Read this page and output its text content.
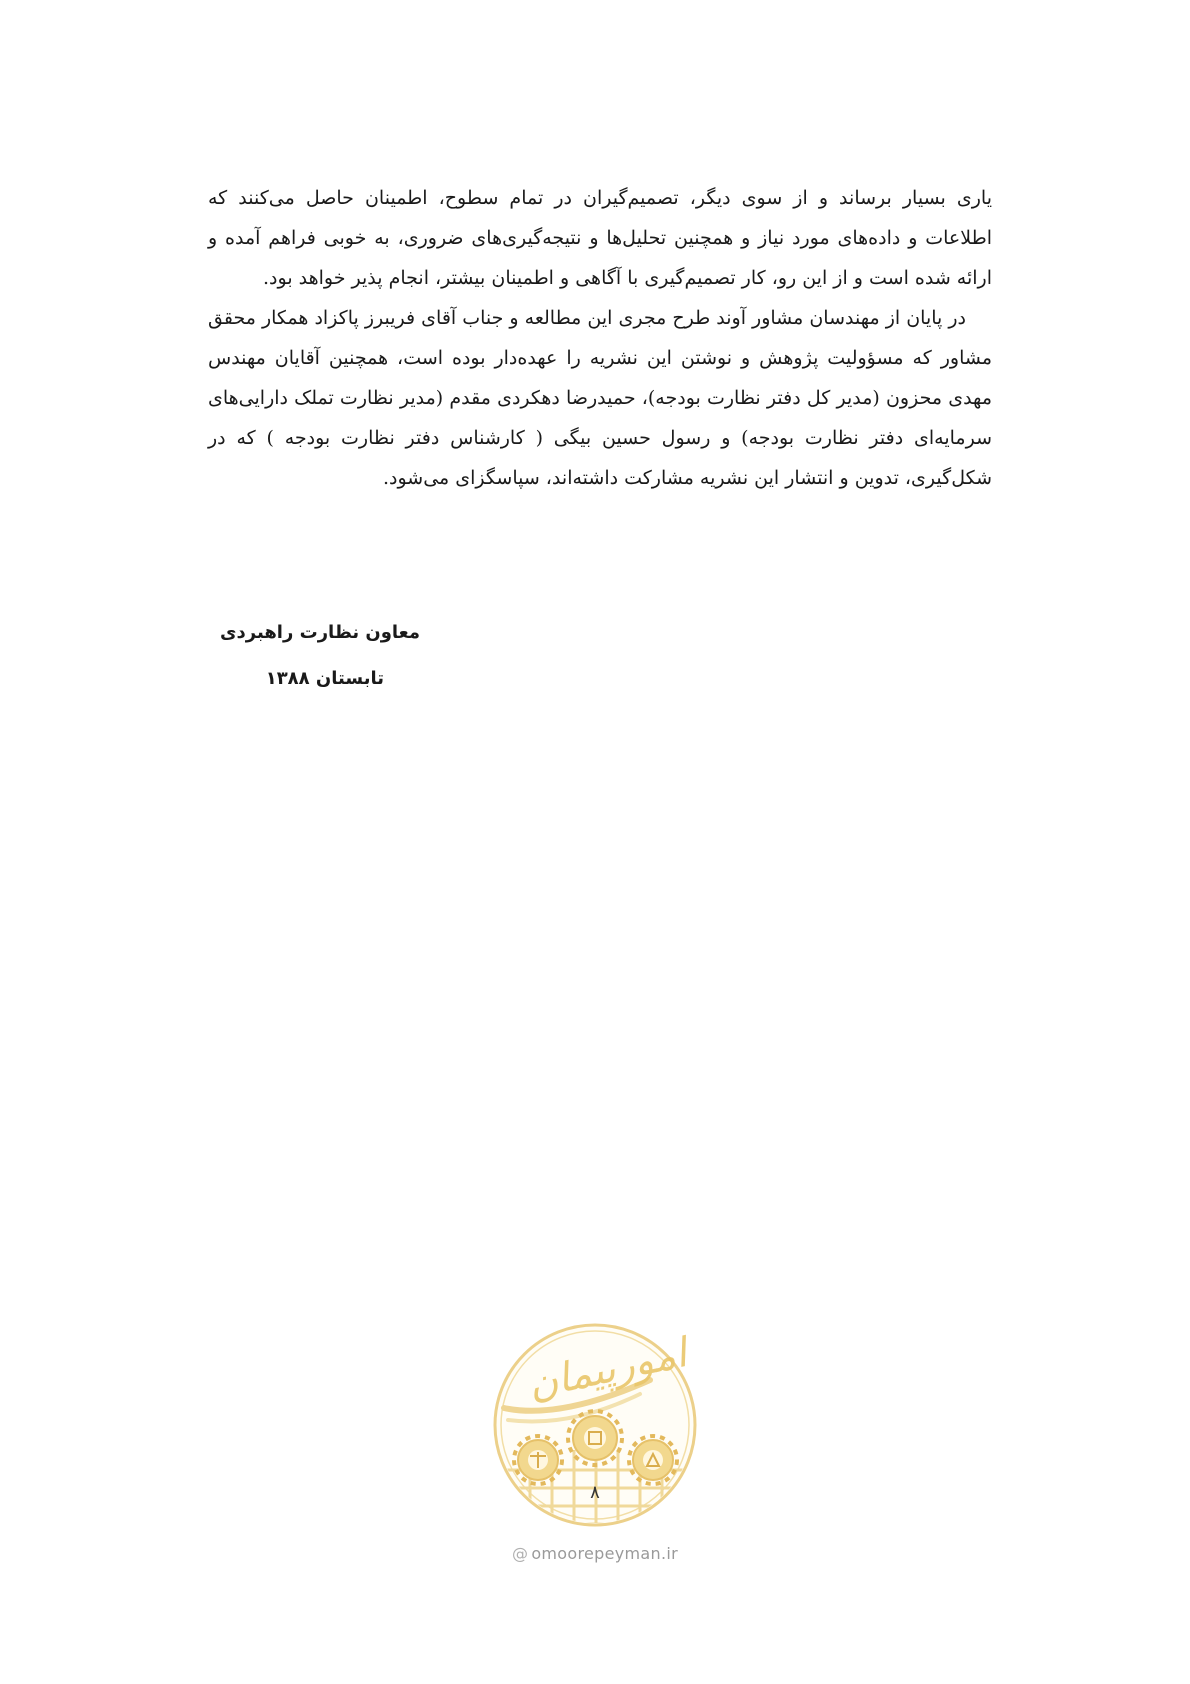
یاری بسیار برساند و از سوی دیگر، تصمیم‌گیران در تمام سطوح، اطمینان حاصل می‌کنند که اطلاعات و داده‌های مورد نیاز و همچنین تحلیل‌ها و نتیجه‌گیری‌های ضروری، به خوبی فراهم آمده و ارائه شده است و از این رو، کار تصمیم‌گیری با آگاهی و اطمینان بیشتر، انجام پذیر خواهد بود.

در پایان از مهندسان مشاور آوند طرح مجری این مطالعه و جناب آقای فریبرز پاکزاد همکار محقق مشاور که مسؤولیت پژوهش و نوشتن این نشریه را عهده‌دار بوده است، همچنین آقایان مهندس مهدی محزون (مدیر کل دفتر نظارت بودجه)، حمیدرضا دهکردی مقدم (مدیر نظارت تملک دارایی‌های سرمایه‌ای دفتر نظارت بودجه) و رسول حسین بیگی ( کارشناس دفتر نظارت بودجه ) که در شکل‌گیری، تدوین و انتشار این نشریه مشارکت داشته‌اند، سپاسگزای می‌شود.

معاون نظارت راهبردی
تابستان ۱۳۸۸
امورپیمان
۸
@ omoorepeyman.ir
